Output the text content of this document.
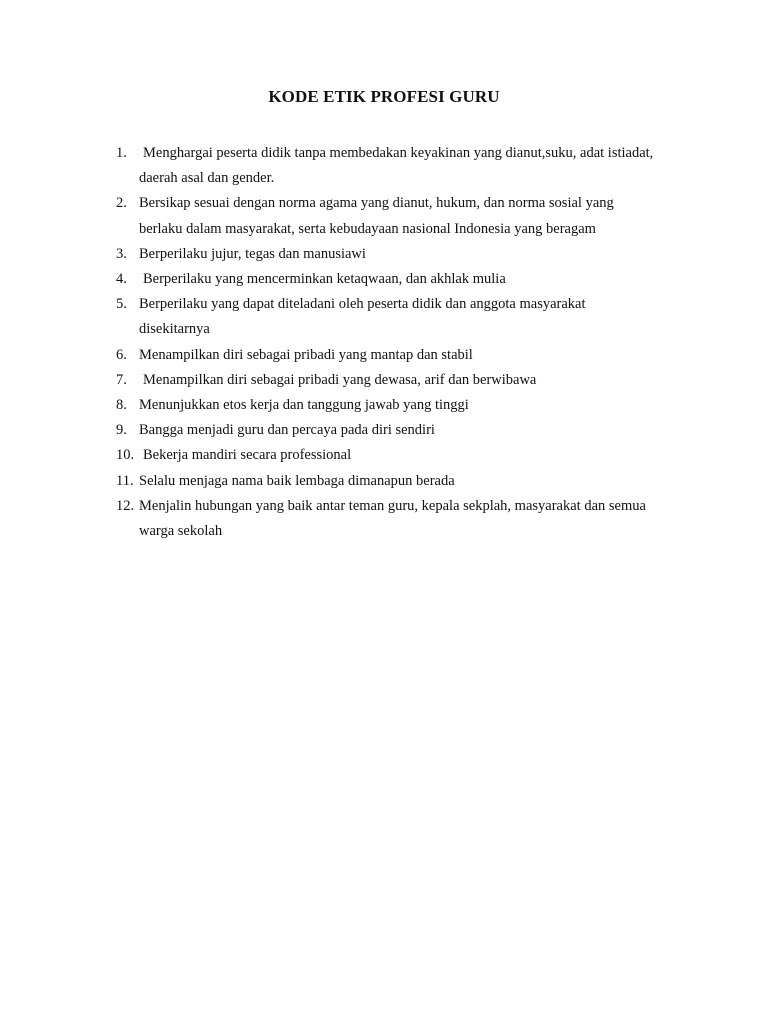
KODE ETIK PROFESI GURU
1.	Menghargai peserta didik tanpa membedakan keyakinan yang dianut,suku, adat istiadat, daerah asal dan gender.
2. Bersikap sesuai dengan norma agama yang dianut, hukum, dan norma sosial yang berlaku dalam masyarakat, serta kebudayaan nasional Indonesia yang beragam
3. Berperilaku jujur, tegas dan manusiawi
4.	Berperilaku yang mencerminkan ketaqwaan, dan akhlak mulia
5. Berperilaku yang dapat diteladani oleh peserta didik dan anggota masyarakat disekitarnya
6. Menampilkan diri sebagai pribadi yang mantap dan stabil
7.	Menampilkan diri sebagai pribadi yang dewasa, arif dan berwibawa
8. Menunjukkan etos kerja dan tanggung jawab yang tinggi
9. Bangga menjadi guru dan percaya pada diri sendiri
10. Bekerja mandiri secara professional
11. Selalu menjaga nama baik lembaga dimanapun berada
12. Menjalin hubungan yang baik antar teman guru, kepala sekplah, masyarakat dan semua warga sekolah
